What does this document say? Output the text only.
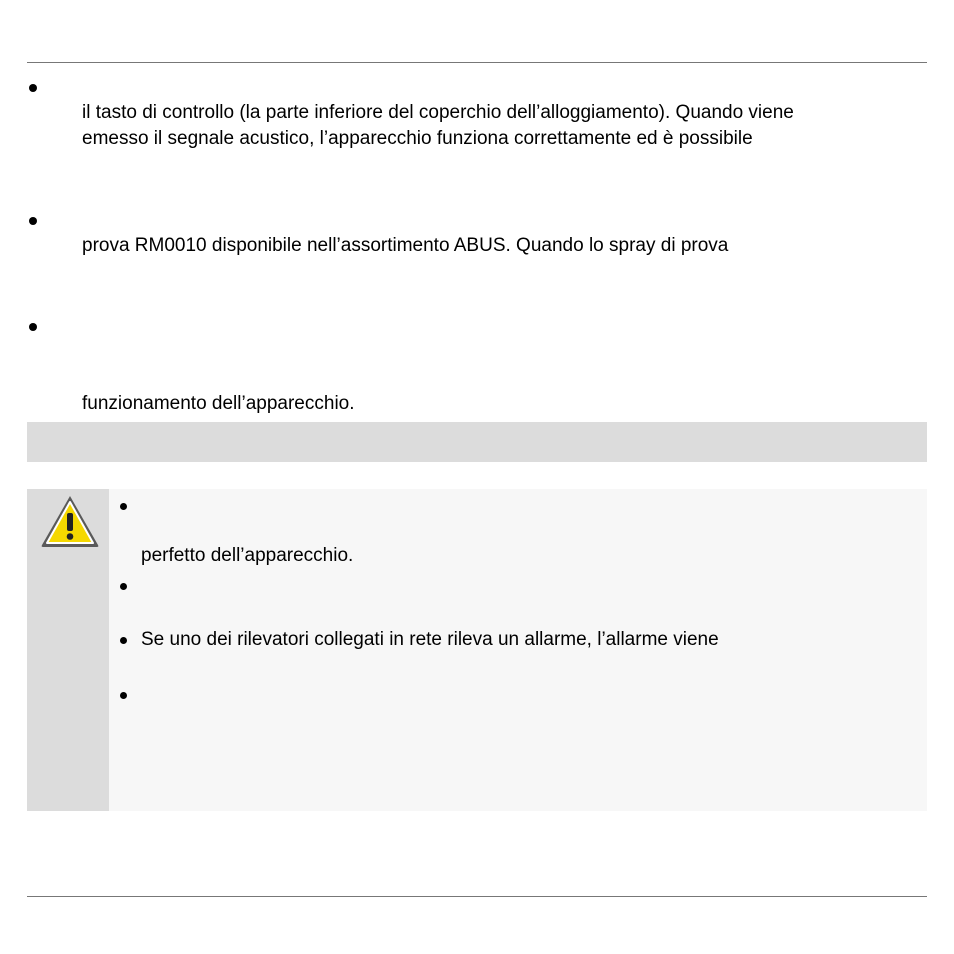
il tasto di controllo (la parte inferiore del coperchio dell’alloggiamento). Quando viene
emesso il segnale acustico, l’apparecchio funziona correttamente ed è possibile
prova RM0010 disponibile nell’assortimento ABUS. Quando lo spray di prova
funzionamento dell’apparecchio.
perfetto dell’apparecchio.
Se uno dei rilevatori collegati in rete rileva un allarme, l’allarme viene
